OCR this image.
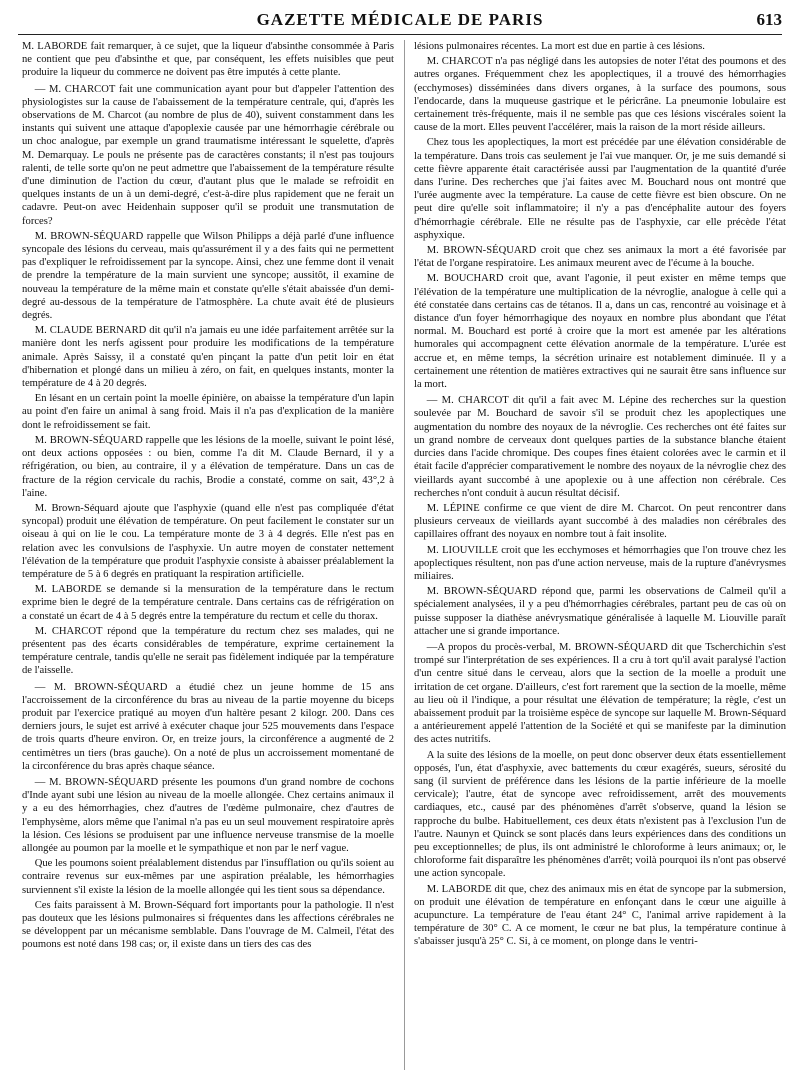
GAZETTE MÉDICALE DE PARIS	613

M. LABORDE fait remarquer, à ce sujet, que la liqueur d'absinthe consommée à Paris ne contient que peu d'absinthe et que, par conséquent, les effets nuisibles que peut produire la liqueur du commerce ne doivent pas être imputés à cette plante.

— M. CHARCOT fait une communication ayant pour but d'appeler l'attention des physiologistes sur la cause de l'abaissement de la température centrale, qui, d'après les observations de M. Charcot (au nombre de plus de 40), suivent constamment dans les instants qui suivent une attaque d'apoplexie causée par une hémorrhagie cérébrale ou un choc analogue, par exemple un grand traumatisme intéressant le squelette, d'après M. Demarquay. Le pouls ne présente pas de caractères constants; il n'est pas toujours ralenti, de telle sorte qu'on ne peut admettre que l'abaissement de la température résulte d'une diminution de l'action du cœur, d'autant plus que le malade se refroidit en quelques instants de un à un demi-degré, c'est-à-dire plus rapidement que ne ferait un cadavre. Peut-on avec Heidenhain supposer qu'il se produit une transmutation de forces?

M. BROWN-SÉQUARD rappelle que Wilson Philipps a déjà parlé d'une influence syncopale des lésions du cerveau, mais qu'assurément il y a des faits qui ne permettent pas d'expliquer le refroidissement par la syncope. Ainsi, chez une femme dont il venait de prendre la température de la main survient une syncope; aussitôt, il examine de nouveau la température de la même main et constate qu'elle s'était abaissée d'un demi-degré au-dessous de la température de l'atmosphère. La chute avait été de plusieurs degrés.

M. CLAUDE BERNARD dit qu'il n'a jamais eu une idée parfaitement arrêtée sur la manière dont les nerfs agissent pour produire les modifications de la température animale. Après Saissy, il a constaté qu'en pinçant la patte d'un petit loir en état d'hibernation et plongé dans un milieu à zéro, on fait, en quelques instants, monter la température de 4 à 20 degrés.

En lésant en un certain point la moelle épinière, on abaisse la température d'un lapin au point d'en faire un animal à sang froid. Mais il n'a pas d'explication de la manière dont le refroidissement se fait.

M. BROWN-SÉQUARD rappelle que les lésions de la moelle, suivant le point lésé, ont deux actions opposées : ou bien, comme l'a dit M. Claude Bernard, il y a réfrigération, ou bien, au contraire, il y a élévation de température. Dans un cas de fracture de la région cervicale du rachis, Brodie a constaté, comme on sait, 43°,2 à l'aine.

M. Brown-Séquard ajoute que l'asphyxie (quand elle n'est pas compliquée d'état syncopal) produit une élévation de température. On peut facilement le constater sur un oiseau à qui on lie le cou. La température monte de 3 à 4 degrés. Elle n'est pas en relation avec les convulsions de l'asphyxie. Un autre moyen de constater nettement l'élévation de la température que produit l'asphyxie consiste à abaisser préalablement la température de 5 à 6 degrés en pratiquant la respiration artificielle.

M. LABORDE se demande si la mensuration de la température dans le rectum exprime bien le degré de la température centrale. Dans certains cas de réfrigération on a constaté un écart de 4 à 5 degrés entre la température du rectum et celle du thorax.

M. CHARCOT répond que la température du rectum chez ses malades, qui ne présentent pas des écarts considérables de température, exprime certainement la température centrale, tandis qu'elle ne serait pas fidèlement indiquée par la température de l'aisselle.

— M. BROWN-SÉQUARD a étudié chez un jeune homme de 15 ans l'accroissement de la circonférence du bras au niveau de la partie moyenne du biceps produit par l'exercice pratiqué au moyen d'un haltère pesant 2 kilogr. 200. Dans ces derniers jours, le sujet est arrivé à exécuter chaque jour 525 mouvements dans l'espace de trois quarts d'heure environ. Or, en treize jours, la circonférence a augmenté de 2 centimètres un tiers (bras gauche). On a noté de plus un accroissement momentané de la circonférence du bras après chaque séance.

— M. BROWN-SÉQUARD présente les poumons d'un grand nombre de cochons d'Inde ayant subi une lésion au niveau de la moelle allongée. Chez certains animaux il y a eu des hémorrhagies, chez d'autres de l'œdème pulmonaire, chez d'autres de l'emphysème, alors même que l'animal n'a pas eu un seul mouvement respiratoire après la lésion. Ces lésions se produisent par une influence nerveuse transmise de la moelle allongée au poumon par la moelle et le sympathique et non par le nerf vague.

Que les poumons soient préalablement distendus par l'insufflation ou qu'ils soient au contraire revenus sur eux-mêmes par une aspiration préalable, les hémorrhagies surviennent s'il existe la lésion de la moelle allongée qui les tient sous sa dépendance.

Ces faits paraissent à M. Brown-Séquard fort importants pour la pathologie. Il n'est pas douteux que les lésions pulmonaires si fréquentes dans les affections cérébrales ne se développent par un mécanisme semblable. Dans l'ouvrage de M. Calmeil, l'état des poumons est noté dans 198 cas; or, il existe dans un tiers des cas des

lésions pulmonaires récentes. La mort est due en partie à ces lésions.

M. CHARCOT n'a pas négligé dans les autopsies de noter l'état des poumons et des autres organes. Fréquemment chez les apoplectiques, il a trouvé des hémorrhagies (ecchymoses) disséminées dans divers organes, à la surface des poumons, sous l'endocarde, dans la muqueuse gastrique et le péricrâne. La pneumonie lobulaire est certainement très-fréquente, mais il ne semble pas que ces lésions viscérales soient la cause de la mort. Elles peuvent l'accélérer, mais la raison de la mort réside ailleurs.

Chez tous les apoplectiques, la mort est précédée par une élévation considérable de la température. Dans trois cas seulement je l'ai vue manquer. Or, je me suis demandé si cette fièvre apparente était caractérisée aussi par l'augmentation de la quantité d'urée dans l'urine. Des recherches que j'ai faites avec M. Bouchard nous ont montré que l'urée augmente avec la température. La cause de cette fièvre est bien obscure. On ne peut dire qu'elle soit inflammatoire; il n'y a pas d'encéphalite autour des foyers d'hémorrhagie cérébrale. Elle ne résulte pas de l'asphyxie, car elle précède l'état asphyxique.

M. BROWN-SÉQUARD croit que chez ses animaux la mort a été favorisée par l'état de l'organe respiratoire. Les animaux meurent avec de l'écume à la bouche.

M. BOUCHARD croit que, avant l'agonie, il peut exister en même temps que l'élévation de la température une multiplication de la névroglie, analogue à celle qui a été constatée dans certains cas de tétanos. Il a, dans un cas, rencontré au voisinage et à distance d'un foyer hémorrhagique des noyaux en nombre plus abondant que l'état normal. M. Bouchard est porté à croire que la mort est amenée par les altérations humorales qui accompagnent cette élévation anormale de la température. L'urée est accrue et, en même temps, la sécrétion urinaire est notablement diminuée. Il y a certainement une rétention de matières extractives qui ne saurait être sans influence sur la mort.

— M. CHARCOT dit qu'il a fait avec M. Lépine des recherches sur la question soulevée par M. Bouchard de savoir s'il se produit chez les apoplectiques une augmentation du nombre des noyaux de la névroglie. Ces recherches ont été faites sur un grand nombre de cerveaux dont quelques parties de la substance blanche étaient durcies dans l'acide chromique. Des coupes fines étaient colorées avec le carmin et il était facile d'apprécier comparativement le nombre des noyaux de la névroglie chez des vieillards ayant succombé à une apoplexie ou à une affection non cérébrale. Ces recherches n'ont conduit à aucun résultat décisif.

M. LÉPINE confirme ce que vient de dire M. Charcot. On peut rencontrer dans plusieurs cerveaux de vieillards ayant succombé à des maladies non cérébrales des capillaires offrant des noyaux en nombre tout à fait insolite.

M. LIOUVILLE croit que les ecchymoses et hémorrhagies que l'on trouve chez les apoplectiques résultent, non pas d'une action nerveuse, mais de la rupture d'anévrysmes miliaires.

M. BROWN-SÉQUARD répond que, parmi les observations de Calmeil qu'il a spécialement analysées, il y a peu d'hémorrhagies cérébrales, partant peu de cas où on puisse supposer la diathèse anévrysmatique généralisée à laquelle M. Liouville paraît attacher une si grande importance.

—A propos du procès-verbal, M. BROWN-SÉQUARD dit que Tscherchichin s'est trompé sur l'interprétation de ses expériences. Il a cru à tort qu'il avait paralysé l'action d'un centre situé dans le cerveau, alors que la section de la moelle a produit une irritation de cet organe. D'ailleurs, c'est fort rarement que la section de la moelle, même au lieu où il l'indique, a pour résultat une élévation de température; la règle, c'est un abaissement produit par la troisième espèce de syncope sur laquelle M. Brown-Séquard a antérieurement appelé l'attention de la Société et qui se manifeste par la diminution des actes nutritifs.

A la suite des lésions de la moelle, on peut donc observer deux états essentiellement opposés, l'un, état d'asphyxie, avec battements du cœur exagérés, sueurs, sérosité du sang (il survient de préférence dans les lésions de la partie inférieure de la moelle cervicale); l'autre, état de syncope avec refroidissement, arrêt des mouvements cardiaques, etc., causé par des phénomènes d'arrêt s'observe, quand la lésion se rapproche du bulbe. Habituellement, ces deux états n'existent pas à l'exclusion l'un de l'autre. Naunyn et Quinck se sont placés dans leurs expériences dans des conditions un peu exceptionnelles; de plus, ils ont administré le chloroforme à leurs animaux; or, le chloroforme fait disparaître les phénomènes d'arrêt; voilà pourquoi ils n'ont pas observé une action syncopale.

M. LABORDE dit que, chez des animaux mis en état de syncope par la submersion, on produit une élévation de température en enfonçant dans le cœur une aiguille à acupuncture. La température de l'eau étant 24° C, l'animal arrive rapidement à la température de 30° C. A ce moment, le cœur ne bat plus, la température continue à s'abaisser jusqu'à 25° C. Si, à ce moment, on plonge dans le ventri-
